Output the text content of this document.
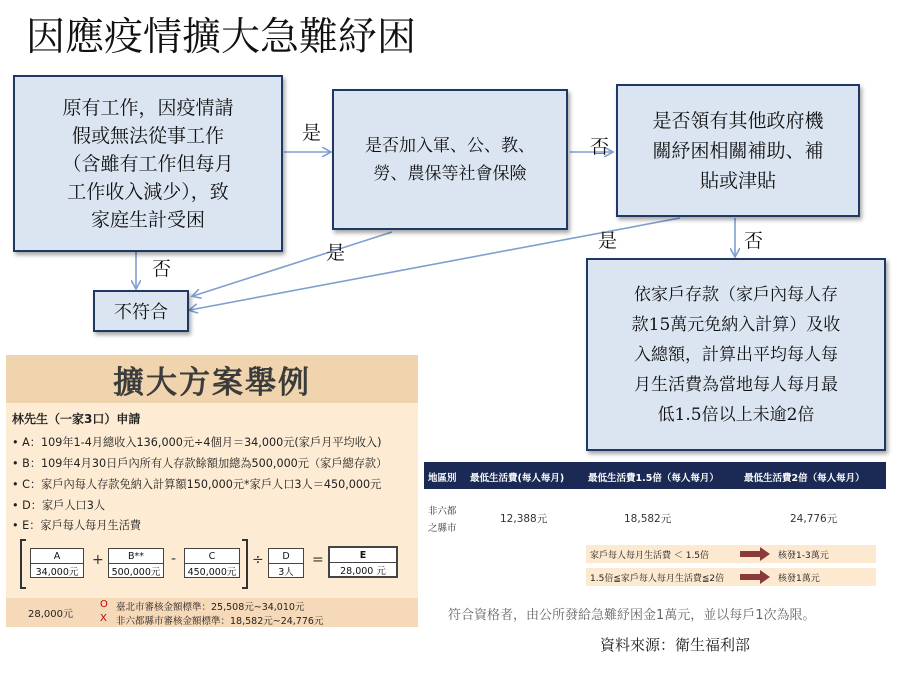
因應疫情擴大急難紓困
原有工作，因疫情請
假或無法從事工作
（含雖有工作但每月
工作收入減少），致
家庭生計受困
是否加入軍、公、教、
勞、農保等社會保險
是否領有其他政府機
關紓困相關補助、補
貼或津貼
不符合
依家戶存款（家戶內每人存
款15萬元免納入計算）及收
入總額，計算出平均每人每
月生活費為當地每人每月最
低1.5倍以上未逾2倍
是
否
否
是
是	否
擴大方案舉例
林先生（一家3口）申請
• A：109年1-4月總收入136,000元÷4個月＝34,000元(家戶月平均收入)
• B：109年4月30日戶內所有人存款餘額加總為500,000元（家戶總存款）
• C：家戶內每人存款免納入計算額150,000元*家戶人口3人＝450,000元
• D：家戶人口3人
• E：家戶每人每月生活費
A
34,000元
+	B**
500,000元
-	C
450,000元
÷	D
3人
=	E
28,000 元
28,000元
O 臺北市審核金額標準：25,508元~34,010元
X 非六都縣市審核金額標準：18,582元~24,776元
地區別 最低生活費(每人每月)	最低生活費1.5倍（每人每月）	最低生活費2倍（每人每月）
非六都
之縣市
12,388元	18,582元	24,776元
家戶每人每月生活費 ＜ 1.5倍	核發1-3萬元
1.5倍≦家戶每人每月生活費≦2倍	核發1萬元
符合資格者，由公所發給急難紓困金1萬元，並以每戶1次為限。
資料來源：衛生福利部
